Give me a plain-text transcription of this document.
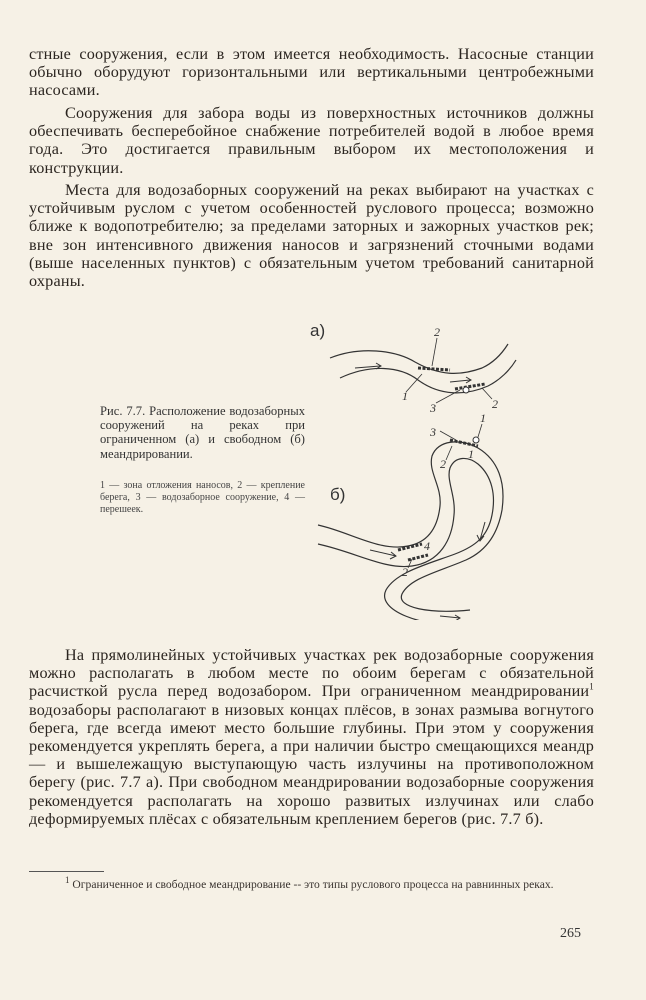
стные сооружения, если в этом имеется необходимость. Насосные станции обычно оборудуют горизонтальными или вертикальными центробежными насосами.

Сооружения для забора воды из поверхностных источников должны обеспечивать бесперебойное снабжение потребителей водой в любое время года. Это достигается правильным выбором их местоположения и конструкции.

Места для водозаборных сооружений на реках выбирают на участках с устойчивым руслом с учетом особенностей руслового процесса; возможно ближе к водопотребителю; за пределами заторных и зажорных участков рек; вне зон интенсивного движения наносов и загрязнений сточными водами (выше населенных пунктов) с обязательным учетом требований санитарной охраны.

Рис. 7.7. Расположение водозаборных сооружений на реках при ограниченном (а) и свободном (б) меандрировании.

1 — зона отложения наносов, 2 — крепление берега, 3 — водозаборное сооружение, 4 — перешеек.

а)	2
1
3	2
б)
1
3
2
1
4
2

На прямолинейных устойчивых участках рек водозаборные сооружения можно располагать в любом месте по обоим берегам с обязательной расчисткой русла перед водозабором. При ограниченном меандрировании$^1$ водозаборы располагают в низовых концах плёсов, в зонах размыва вогнутого берега, где всегда имеют место большие глубины. При этом у сооружения рекомендуется укреплять берега, а при наличии быстро смещающихся меандр — и вышележащую выступающую часть излучины на противоположном берегу (рис. 7.7 а). При свободном меандрировании водозаборные сооружения рекомендуется располагать на хорошо развитых излучинах или слабо деформируемых плёсах с обязательным креплением берегов (рис. 7.7 б).

$^1$ Ограниченное и свободное меандрирование -- это типы руслового процесса на равнинных реках.

265
